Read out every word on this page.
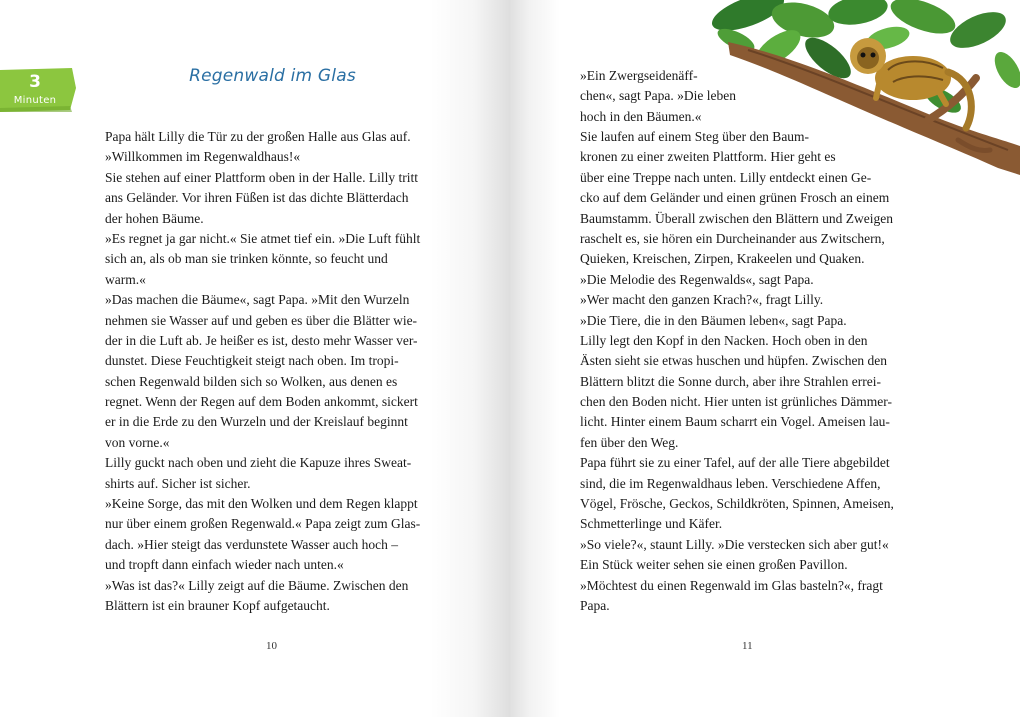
3
Minuten
Regenwald im Glas
Papa hält Lilly die Tür zu der großen Halle aus Glas auf.
»Willkommen im Regenwaldhaus!«
Sie stehen auf einer Plattform oben in der Halle. Lilly tritt
ans Geländer. Vor ihren Füßen ist das dichte Blätterdach
der hohen Bäume.
»Es regnet ja gar nicht.« Sie atmet tief ein. »Die Luft fühlt
sich an, als ob man sie trinken könnte, so feucht und
warm.«
»Das machen die Bäume«, sagt Papa. »Mit den Wurzeln
nehmen sie Wasser auf und geben es über die Blätter wie-
der in die Luft ab. Je heißer es ist, desto mehr Wasser ver-
dunstet. Diese Feuchtigkeit steigt nach oben. Im tropi-
schen Regenwald bilden sich so Wolken, aus denen es
regnet. Wenn der Regen auf dem Boden ankommt, sickert
er in die Erde zu den Wurzeln und der Kreislauf beginnt
von vorne.«
Lilly guckt nach oben und zieht die Kapuze ihres Sweat-
shirts auf. Sicher ist sicher.
»Keine Sorge, das mit den Wolken und dem Regen klappt
nur über einem großen Regenwald.« Papa zeigt zum Glas-
dach. »Hier steigt das verdunstete Wasser auch hoch –
und tropft dann einfach wieder nach unten.«
»Was ist das?« Lilly zeigt auf die Bäume. Zwischen den
Blättern ist ein brauner Kopf aufgetaucht.
10
»Ein Zwergseidenäff-
chen«, sagt Papa. »Die leben
hoch in den Bäumen.«
Sie laufen auf einem Steg über den Baum-
kronen zu einer zweiten Plattform. Hier geht es
über eine Treppe nach unten. Lilly entdeckt einen Ge-
cko auf dem Geländer und einen grünen Frosch an einem
Baumstamm. Überall zwischen den Blättern und Zweigen
raschelt es, sie hören ein Durcheinander aus Zwitschern,
Quieken, Kreischen, Zirpen, Krakeelen und Quaken.
»Die Melodie des Regenwalds«, sagt Papa.
»Wer macht den ganzen Krach?«, fragt Lilly.
»Die Tiere, die in den Bäumen leben«, sagt Papa.
Lilly legt den Kopf in den Nacken. Hoch oben in den
Ästen sieht sie etwas huschen und hüpfen. Zwischen den
Blättern blitzt die Sonne durch, aber ihre Strahlen errei-
chen den Boden nicht. Hier unten ist grünliches Dämmer-
licht. Hinter einem Baum scharrt ein Vogel. Ameisen lau-
fen über den Weg.
Papa führt sie zu einer Tafel, auf der alle Tiere abgebildet
sind, die im Regenwaldhaus leben. Verschiedene Affen,
Vögel, Frösche, Geckos, Schildkröten, Spinnen, Ameisen,
Schmetterlinge und Käfer.
»So viele?«, staunt Lilly. »Die verstecken sich aber gut!«
Ein Stück weiter sehen sie einen großen Pavillon.
»Möchtest du einen Regenwald im Glas basteln?«, fragt
Papa.
11
